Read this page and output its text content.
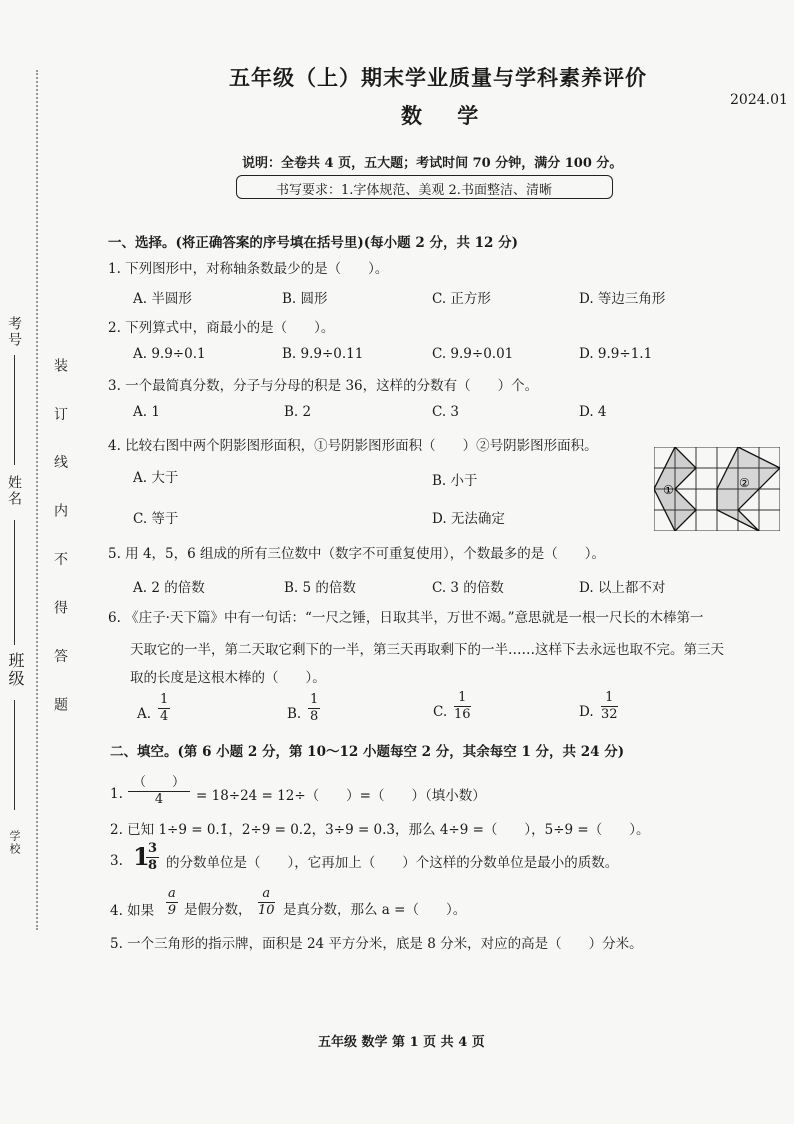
考号
姓名
班级
学校
装 订 线 内 不 得 答 题
五年级（上）期末学业质量与学科素养评价
数 学
2024.01
说明：全卷共 4 页，五大题；考试时间 70 分钟，满分 100 分。
书写要求：1.字体规范、美观 2.书面整洁、清晰
一、选择。(将正确答案的序号填在括号里)(每小题 2 分，共 12 分)
1. 下列图形中，对称轴条数最少的是（　　）。
A. 半圆形	B. 圆形	C. 正方形	D. 等边三角形
2. 下列算式中，商最小的是（　　）。
A. 9.9÷0.1	B. 9.9÷0.11	C. 9.9÷0.01	D. 9.9÷1.1
3. 一个最简真分数，分子与分母的积是 36，这样的分数有（　　）个。
A. 1	B. 2	C. 3	D. 4
4. 比较右图中两个阴影图形面积，①号阴影图形面积（　　）②号阴影图形面积。
A. 大于	B. 小于
C. 等于	D. 无法确定
①	②
5. 用 4，5，6 组成的所有三位数中（数字不可重复使用），个数最多的是（　　）。
A. 2 的倍数	B. 5 的倍数	C. 3 的倍数	D. 以上都不对
6. 《庄子·天下篇》中有一句话：“一尺之锤，日取其半，万世不竭。”意思就是一根一尺长的木棒第一
天取它的一半，第二天取它剩下的一半，第三天再取剩下的一半……这样下去永远也取不完。第三天
取的长度是这根木棒的（　　）。
A. $\frac{1}{4}$	B. $\frac{1}{8}$	C. $\frac{1}{16}$	D. $\frac{1}{32}$
二、填空。(第 6 小题 2 分，第 10～12 小题每空 2 分，其余每空 1 分，共 24 分)
1.
（　　）
4	= 18÷24 = 12÷（　　）=（　　）（填小数）
2. 已知 1÷9 = 0.1̇，2÷9 = 0.2̇，3÷9 = 0.3̇，那么 4÷9 =（　　），5÷9 =（　　）。
3. 1
$\frac{3}{8}$ 的分数单位是（　　），它再加上（　　）个这样的分数单位是最小的质数。
4. 如果 $\frac{a}{9}$ 是假分数， $\frac{a}{10}$ 是真分数，那么 a =（　　）。
5. 一个三角形的指示牌，面积是 24 平方分米，底是 8 分米，对应的高是（　　）分米。
五年级 数学 第 1 页 共 4 页
